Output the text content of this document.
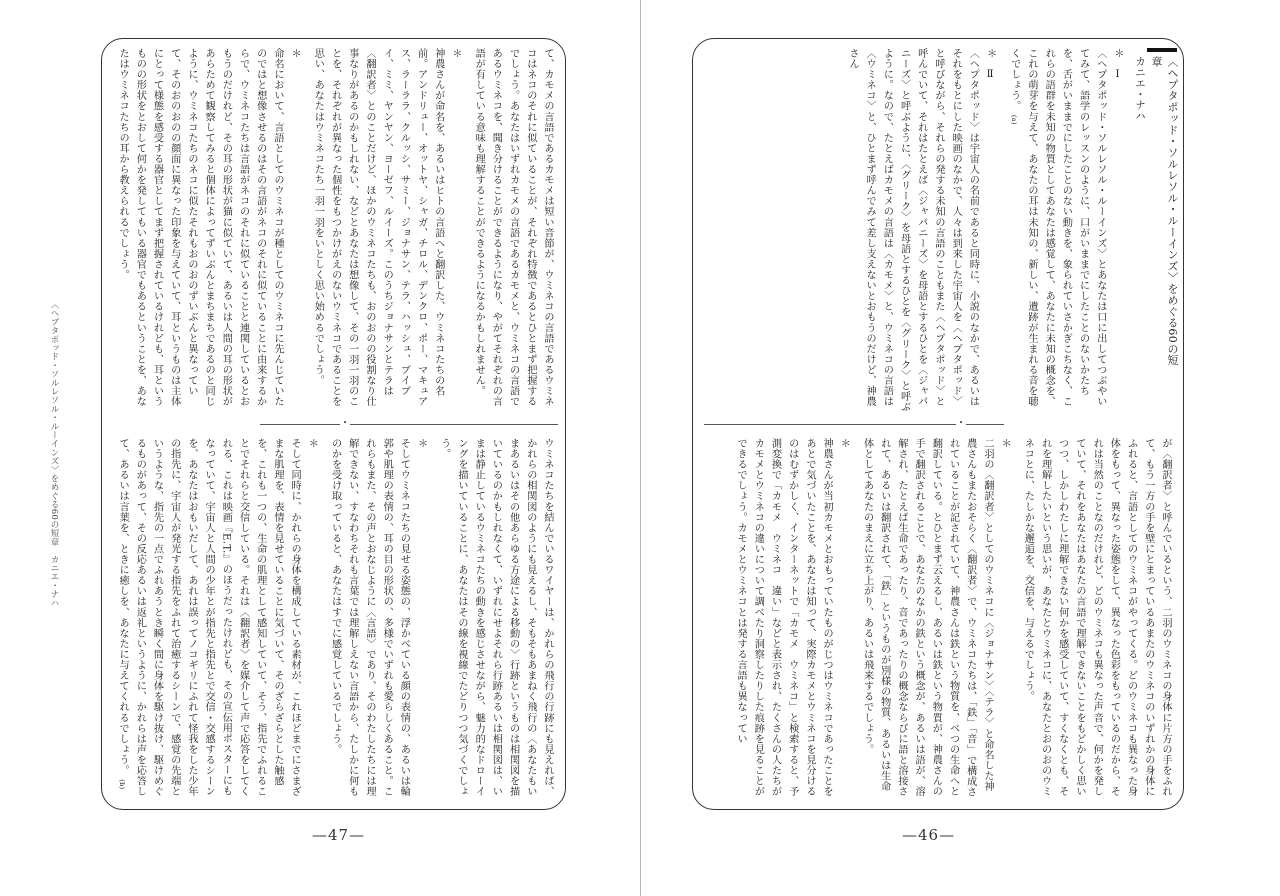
〈ヘプタポッド・ソルレソル・ルーインズ〉をめぐる60の短章　カニエ・ナハ
て、カモメの言語であるカモメは短い音節が、ウミネコの言語であるウミネコはネコのそれに似ていることが、それぞれ特徴であるとひとまず把握するでしょう。あなたはいずれカモメの言語であるカモメと、ウミネコの言語であるウミネコを、聞き分けることができるようになり、やがてそれぞれの言語が有している意味も理解することができるようになるかもしれません。
＊
神農さんが命名を、あるいはヒトの言語へと翻訳した、ウミネコたちの名前。アンドリュー、オットヤ、シャガ、チロル、デンクロ、ポー、マキュアス、ラーララ、クルッシ、サミー、ジョナサン、テラ、ハッシュ、ブイブイ、ミミ、ヤンヤン、ヨーゼフ、ルイーズ。このうちジョナサンとテラは〈翻訳者〉とのことだけど、ほかのウミネコたちも、おのおのの役割なり仕事なりがあるのかもしれない、などとあなたは想像して、その一羽一羽のことを、それぞれが異なった個性をもつかけがえのないウミネコであることを思い、あなたはウミネコたち一羽一羽をいとしく思い始めるでしょう。
＊
命名において、言語としてのウミネコが種としてのウミネコに先んじていたのではと想像させるのはその言語がネコのそれに似ていることに由来するからで、ウミネコたちは言語がネコのそれに似ていることと連関しているとおもうのだけれど、その耳の形状が猫に似ていて、あるいは人間の耳の形状があらためて観察してみると個体によってずいぶんとまちまちであるのと同じように、ウミネコたちのネコに似たそれもおのおのずいぶんと異なっていて、そのおのおのの顔面に異なった印象を与えていて、耳というものは主体にとって様態を感受する器官としてまず把握されているけれども、耳というものの形状をとおして何かを発してもいる器官でもあるということを、あなたはウミネコたちの耳から教えられるでしょう。
・
ウミネコたちを結んでいるワイヤーは、かれらの飛行の行跡にも見えれば、かれらの相関図のようにも見えるし、そもそもあまねく飛行の〈あなたもいまあるいはその他あらゆる方途による移動の〉行跡というものは相関図を描いているのかもしれなくて、いずれにせよそれら行跡あるいは相関図は、いまは静止しているウミネコたちの動きを感じさせながら、魅力的なドローイングを描いていることに、あなたはその線を視線でたどりつつ気づくでしょう。
＊
そしてウミネコたちの見せる姿態の、浮かべている顔の表情の、あるいは輪郭や肌理の表情の、耳の目の形状の、多様でいずれも愛らしくあること。これらもまた、その声とおなじように〈言語〉であり、そのわたしたちには理解できない、すなわちそれも言葉では理解しえない言語から、たしかに何ものかを受け取っていると、あなたはすでに感覚しているでしょう。
＊
そして同時に、かれらの身体を構成している素材が、これほどまでにさまざまな肌理を、表情を見せていることに気づいて、そのざらざらとした触感を、これも一つの、生命の肌理として感知していて、そう、指先でふれることでそれらと交信している。それは〈翻訳者〉を媒介して声で応答をしてくれる、これは映画『E.T.』のほうだったけれども、その宣伝用ポスターにもなっていて、宇宙人と人間の少年とが指先と指先とで交信・交感するシーンを、あなたはおもいだして、あれは誤ってノコギリにふれて怪我をした少年の指先に、宇宙人が発光する指先をふれて治癒するシーンで、感覚の先端というような、指先の一点でふれあうとき瞬く間に身体を駆け抜け、駆けめぐるものがあって、その反応あるいは返礼というように、かれらは声を応答して、あるいは言葉を、ときに癒しを、あなたに与えてくれるでしょう。 (b)
—47—
〈ヘプタポッド・ソルレソル・ルーインズ〉をめぐる60の短章
カニエ・ナハ
＊　Ⅰ
〈ヘプタポッド・ソルレソル・ルーインズ〉とあなたは口に出してつぶやいてみて、語学のレッスンのように、口がいままでにしたことのないかたちを、舌がいままでにしたことのない動きを、象られていさかぎこちなく、これらの語群を未知の物質としてあなたは感覚して、あなたに未知の概念を、これの萌芽を与えて、あなたの耳は未知の、新しい、遺跡が生まれる音を聴くでしょう。 (a)
＊　Ⅱ
〈ヘプタポッド〉は宇宙人の名前であると同時に、小説のなかで、あるいはそれをもとにした映画のなかで、人々は到来した宇宙人を〈ヘプタポッド〉と呼びながら、それらの発する未知の言語のこともまた〈ヘプタポッド〉と呼んでいて、それはたとえば〈ジャパニーズ〉を母語とするひとを〈ジャパニーズ〉と呼ぶように、〈グリーク〉を母語とするひとを〈グリーク〉と呼ぶように。なので、たとえばカモメの言語は〈カモメ〉と、ウミネコの言語は〈ウミネコ〉と、ひとまず呼んでみて差し支えないとおもうのだけど、神農さん
・
が〈翻訳者〉と呼んでいるという、二羽のウミネコの身体に片方の手をふれて、もう一方の手を壁にとまっているあまたのウミネコのいずれかの身体にふれると、言語としてのウミネコがやってくる。どのウミネコも異なった身体をもって、異なった姿態をして、異なった色彩をもっているのだから、それは当然のことなのだけれど、どのウミネコも異なった声音で、何かを発していて、それをあなたはあなたの言語で理解できないことをもどかしく思いつつ、しかしわたしに理解できない何かを感受していて、すくなくとも、それを理解したいという思いが、あなたとウミネコに、あなたとおのおのウミネコとに、たしかな邂逅を、交信を、与えるでしょう。
＊
二羽の〈翻訳者〉としてのウミネコに〈ジョナサン〉〈テラ〉と命名した神農さんもまたおそらく〈翻訳者〉で、ウミネコたちは、「鉄」「音」で構成されていることが記されていて、神農さんは鉄という物質を、べつの生命へと翻訳している。とひとまず云えるし、あるいは鉄という物質が、神農さんの手で翻訳されることで、あなたのなかの鉄という概念が、あるいは語が、溶解され、たとえば生命であったり、音であったりの概念ならびに語と溶接されて、あるいは翻訳されて、「鉄」というものが別様の物質、あるいは生命体としてあなたのまえに立ち上がり、あるいは飛来するでしょう。
＊
神農さんが当初カモメとおもっていたものがじつはウミネコであったことをあとで気づいたことを、あなたは知って、実際カモメとウミネコを見分けるのはむずかしく、インターネットで「カモメ　ウミネコ」と検索すると、予測変換で「カモメ　ウミネコ　違い」などと表示され、たくさんの人たちがカモメとウミネコの違いについて調べたり洞察したりした痕跡を見ることができるでしょう。カモメとウミネコとは発する言語も異なってい
—46—
